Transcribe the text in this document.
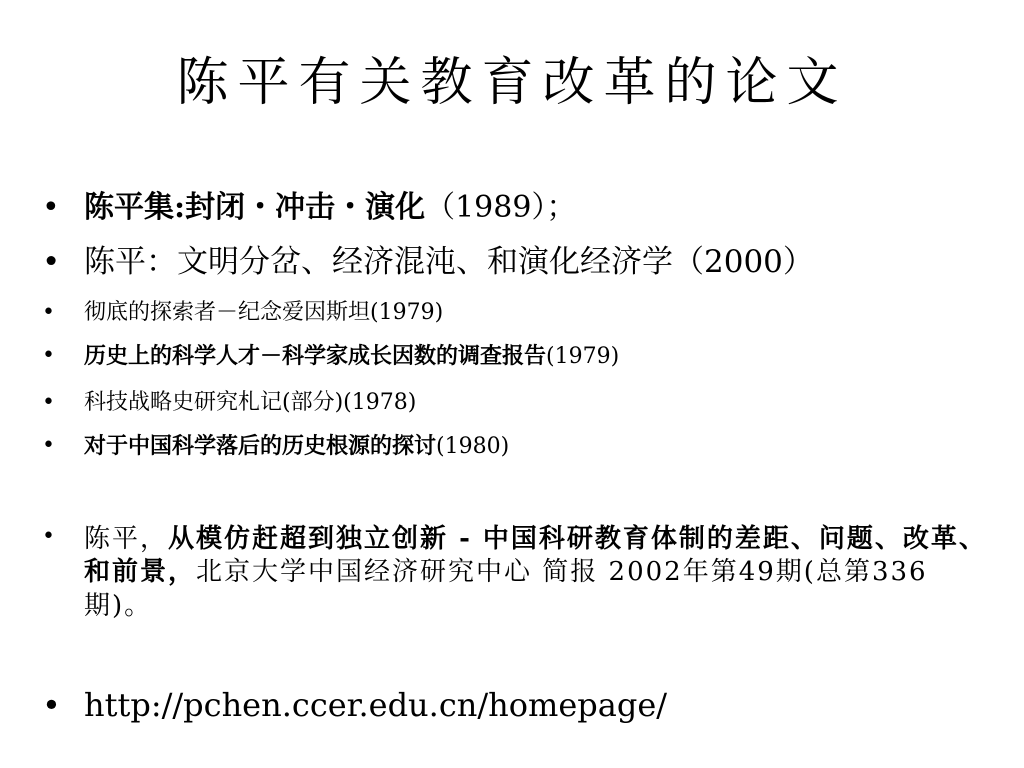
陈平有关教育改革的论文
• 陈平集:封闭・冲击・演化（1989）；
• 陈平：文明分岔、经济混沌、和演化经济学（2000）
•	彻底的探索者－纪念爱因斯坦(1979)
•	历史上的科学人才－科学家成长因数的调查报告(1979)
•	科技战略史研究札记(部分)(1978)
•	对于中国科学落后的历史根源的探讨(1980)
•	陈平，从模仿赶超到独立创新 - 中国科研教育体制的差距、问题、改革、和前景，北京大学中国经济研究中心 简报 2002年第49期(总第336期)。
• http://pchen.ccer.edu.cn/homepage/
